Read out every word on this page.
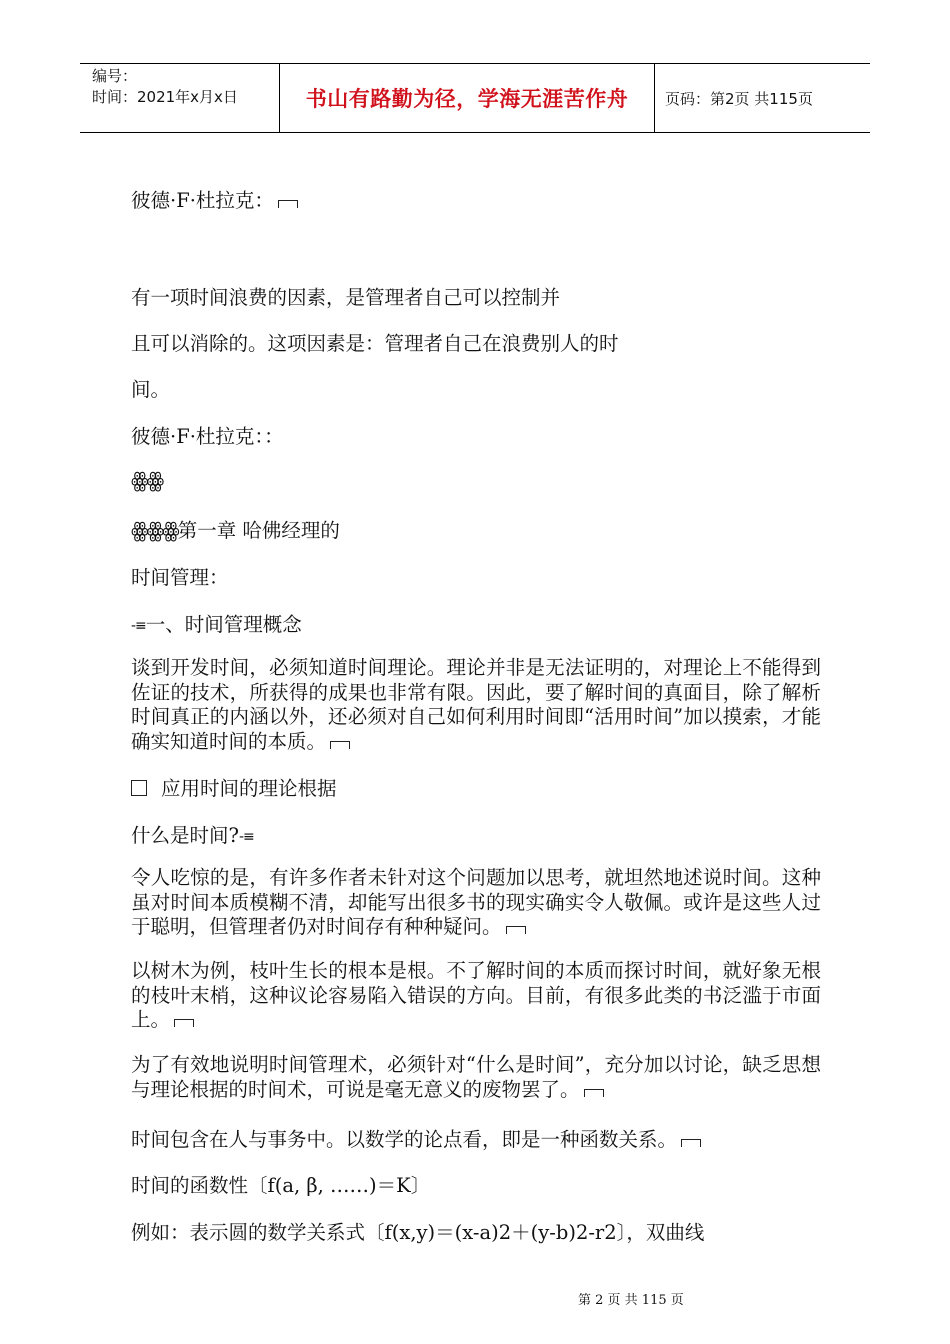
编号：
时间：2021年x月x日	书山有路勤为径，学海无涯苦作舟 页码：第2页 共115页

彼德·F·杜拉克：

有一项时间浪费的因素，是管理者自己可以控制并

且可以消除的。这项因素是：管理者自己在浪费别人的时

间。

彼德·F·杜拉克：：

ꙮꙮ

ꙮꙮꙮ第一章 哈佛经理的

时间管理：

-≡一、时间管理概念

谈到开发时间，必须知道时间理论。理论并非是无法证明的，对理论上不能得到佐证的技术，所获得的成果也非常有限。因此，要了解时间的真面目，除了解析时间真正的内涵以外，还必须对自己如何利用时间即“活用时间”加以摸索，才能确实知道时间的本质。

应用时间的理论根据

什么是时间?-≡

令人吃惊的是，有许多作者未针对这个问题加以思考，就坦然地述说时间。这种虽对时间本质模糊不清，却能写出很多书的现实确实令人敬佩。或许是这些人过于聪明，但管理者仍对时间存有种种疑问。

以树木为例，枝叶生长的根本是根。不了解时间的本质而探讨时间，就好象无根的枝叶末梢，这种议论容易陷入错误的方向。目前，有很多此类的书泛滥于市面上。

为了有效地说明时间管理术，必须针对“什么是时间”，充分加以讨论，缺乏思想与理论根据的时间术，可说是毫无意义的废物罢了。

时间包含在人与事务中。以数学的论点看，即是一种函数关系。

时间的函数性〔f(a, β, ……)＝K〕

例如：表示圆的数学关系式〔f(x,y)＝(x-a)2＋(y-b)2-r2〕，双曲线

第 2 页 共 115 页
